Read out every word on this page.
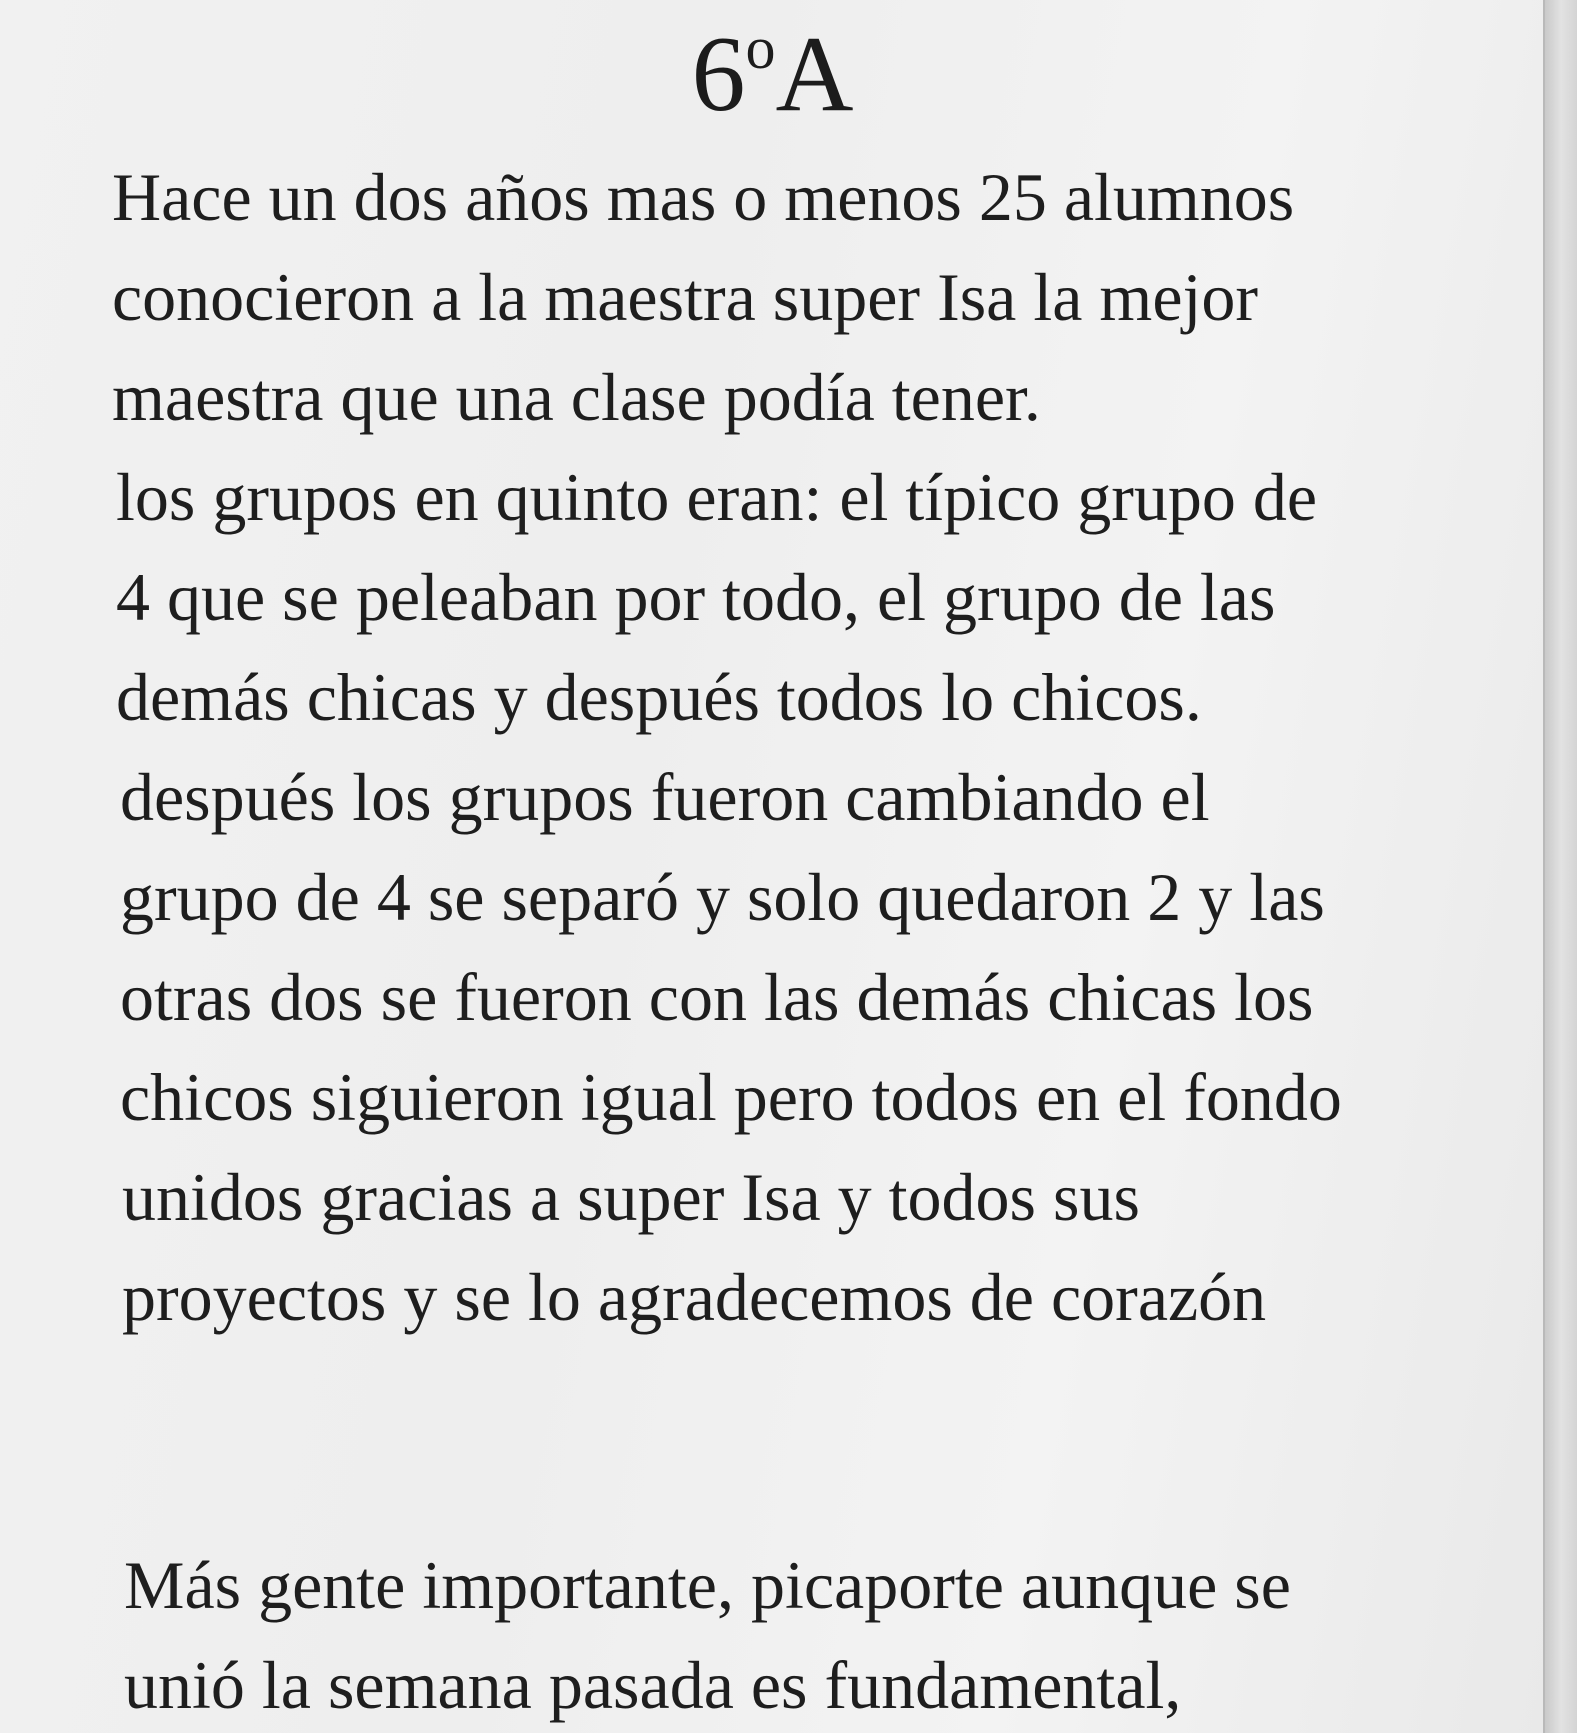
6$^o$A

Hace un dos años mas o menos 25 alumnos

conocieron a la maestra super Isa la mejor

maestra que una clase podía tener.

los grupos en quinto eran: el típico grupo de

4 que se peleaban por todo, el grupo de las

demás chicas y después todos lo chicos.

después los grupos fueron cambiando el

grupo de 4 se separó y solo quedaron 2 y las

otras dos se fueron con las demás chicas los

chicos siguieron igual pero todos en el fondo

unidos gracias a super Isa y todos sus

proyectos y se lo agradecemos de corazón

Más gente importante, picaporte aunque se

unió la semana pasada es fundamental,
